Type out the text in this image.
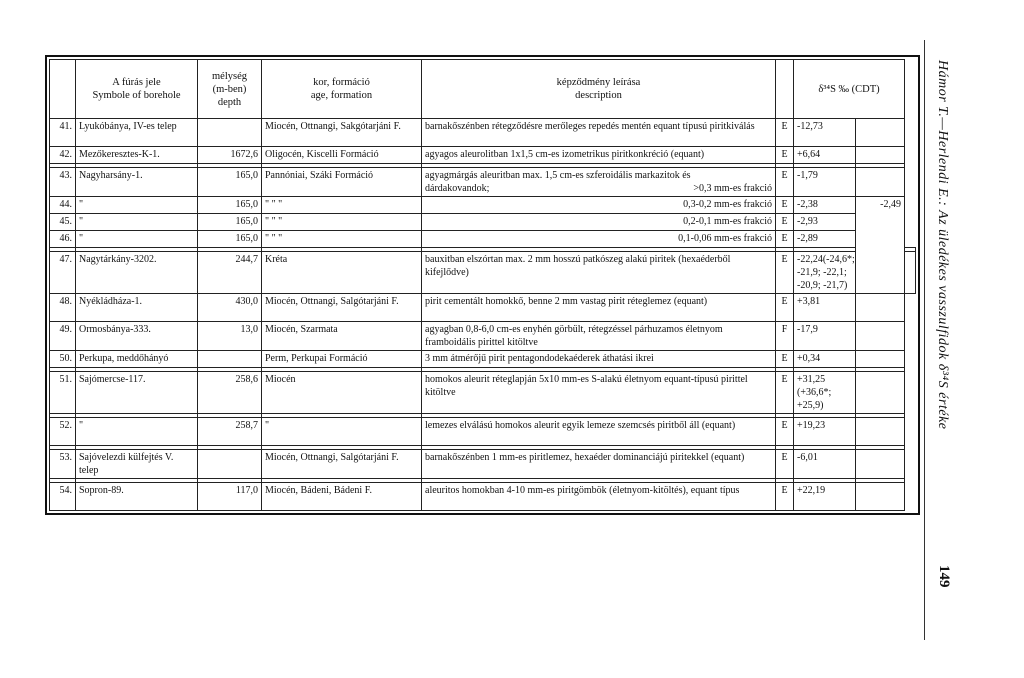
	A fúrás jele
Symbole of borehole	mélység
(m-ben)
depth	kor, formáció
age, formation	képződmény leírása
description		δ³⁴S ‰ (CDT)		
41.	Lyukóbánya, IV-es telep		Miocén, Ottnangi, Sakgótarjáni F.	barnakőszénben rétegződésre merőleges repedés mentén equant típusú piritkiválás	E	-12,73		
42.	Mezőkeresztes-K-1.	1672,6	Oligocén, Kiscelli Formáció	agyagos aleurolitban 1x1,5 cm-es izometrikus piritkonkréció (equant)	E	+6,64		

43.	Nagyharsány-1.	165,0	Pannóniai, Száki Formáció	agyagmárgás aleuritban max. 1,5 cm-es szferoidális markazitok és
dárdakovandok; >0,3 mm-es frakció	E	-1,79		
44.	"	165,0	" " "	0,3-0,2 mm-es frakció	E	-2,38	-2,49	
45.	"	165,0	" " "	0,2-0,1 mm-es frakció	E	-2,93		
46.	"	165,0	" " "	0,1-0,06 mm-es frakció	E	-2,89		

47.	Nagytárkány-3202.	244,7	Kréta	bauxitban elszórtan max. 2 mm hosszú patkószeg alakú piritek (hexaéderből kifejlődve)	E	-22,24(-24,6*; -21,9; -22,1; -20,9; -21,7)		
48.	Nyékládháza-1.	430,0	Miocén, Ottnangi, Salgótarjáni F.	pirit cementált homokkő, benne 2 mm vastag pirit réteglemez (equant)	E	+3,81		
49.	Ormosbánya-333.	13,0	Miocén, Szarmata	agyagban 0,8-6,0 cm-es enyhén görbült, rétegzéssel párhuzamos életnyom framboidális pirittel kitöltve	F	-17,9		
50.	Perkupa, meddőhányó		Perm, Perkupai Formáció	3 mm átmérőjű pirit pentagondodekaéderek áthatási ikrei	E	+0,34		

51.	Sajómercse-117.	258,6	Miocén	homokos aleurit réteglapján 5x10 mm-es S-alakú életnyom equant-típusú pirittel kitöltve	E	+31,25 (+36,6*; +25,9)		

52.	"	258,7	"	lemezes elválású homokos aleurit egyik lemeze szemcsés piritből áll (equant)	E	+19,23		

53.	Sajóvelezdi külfejtés V. telep		Miocén, Ottnangi, Salgótarjáni F.	barnakőszénben 1 mm-es piritlemez, hexaéder dominanciájú piritekkel (equant)	E	-6,01		

54.	Sopron-89.	117,0	Miocén, Bádeni, Bádeni F.	aleuritos homokban 4-10 mm-es piritgömbök (életnyom-kitöltés), equant típus	E	+22,19		
Hámor T.—Herlendi E.: Az üledékes vasszulfidok δ³⁴S értéke
149
